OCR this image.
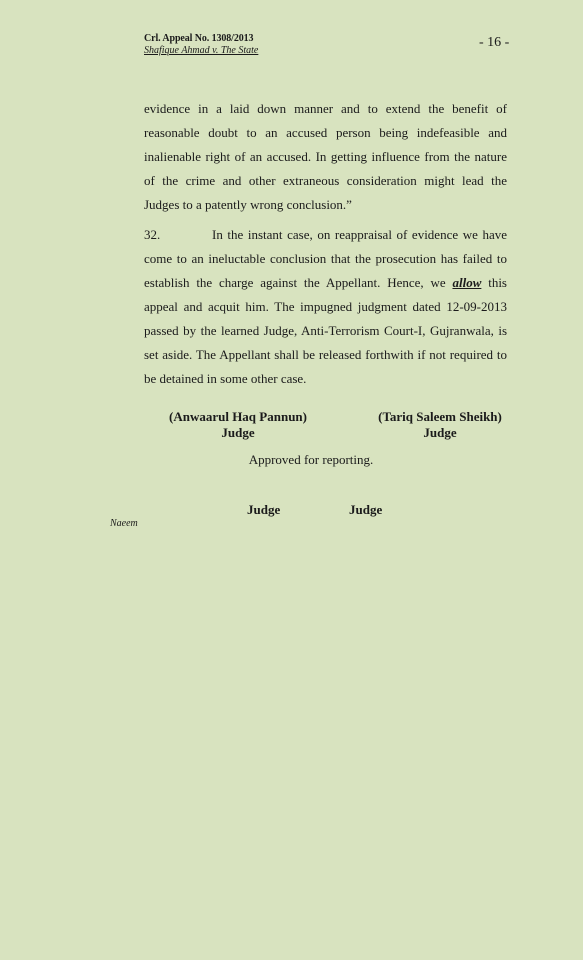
Crl. Appeal No. 1308/2013
Shafique Ahmad v. The State
- 16 -
evidence in a laid down manner and to extend the benefit of reasonable doubt to an accused person being indefeasible and inalienable right of an accused. In getting influence from the nature of the crime and other extraneous consideration might lead the Judges to a patently wrong conclusion.”
32.	In the instant case, on reappraisal of evidence we have come to an ineluctable conclusion that the prosecution has failed to establish the charge against the Appellant. Hence, we allow this appeal and acquit him. The impugned judgment dated 12-09-2013 passed by the learned Judge, Anti-Terrorism Court-I, Gujranwala, is set aside. The Appellant shall be released forthwith if not required to be detained in some other case.
(Anwaarul Haq Pannun)
Judge
(Tariq Saleem Sheikh)
Judge
Approved for reporting.
Judge	Judge
Naeem
